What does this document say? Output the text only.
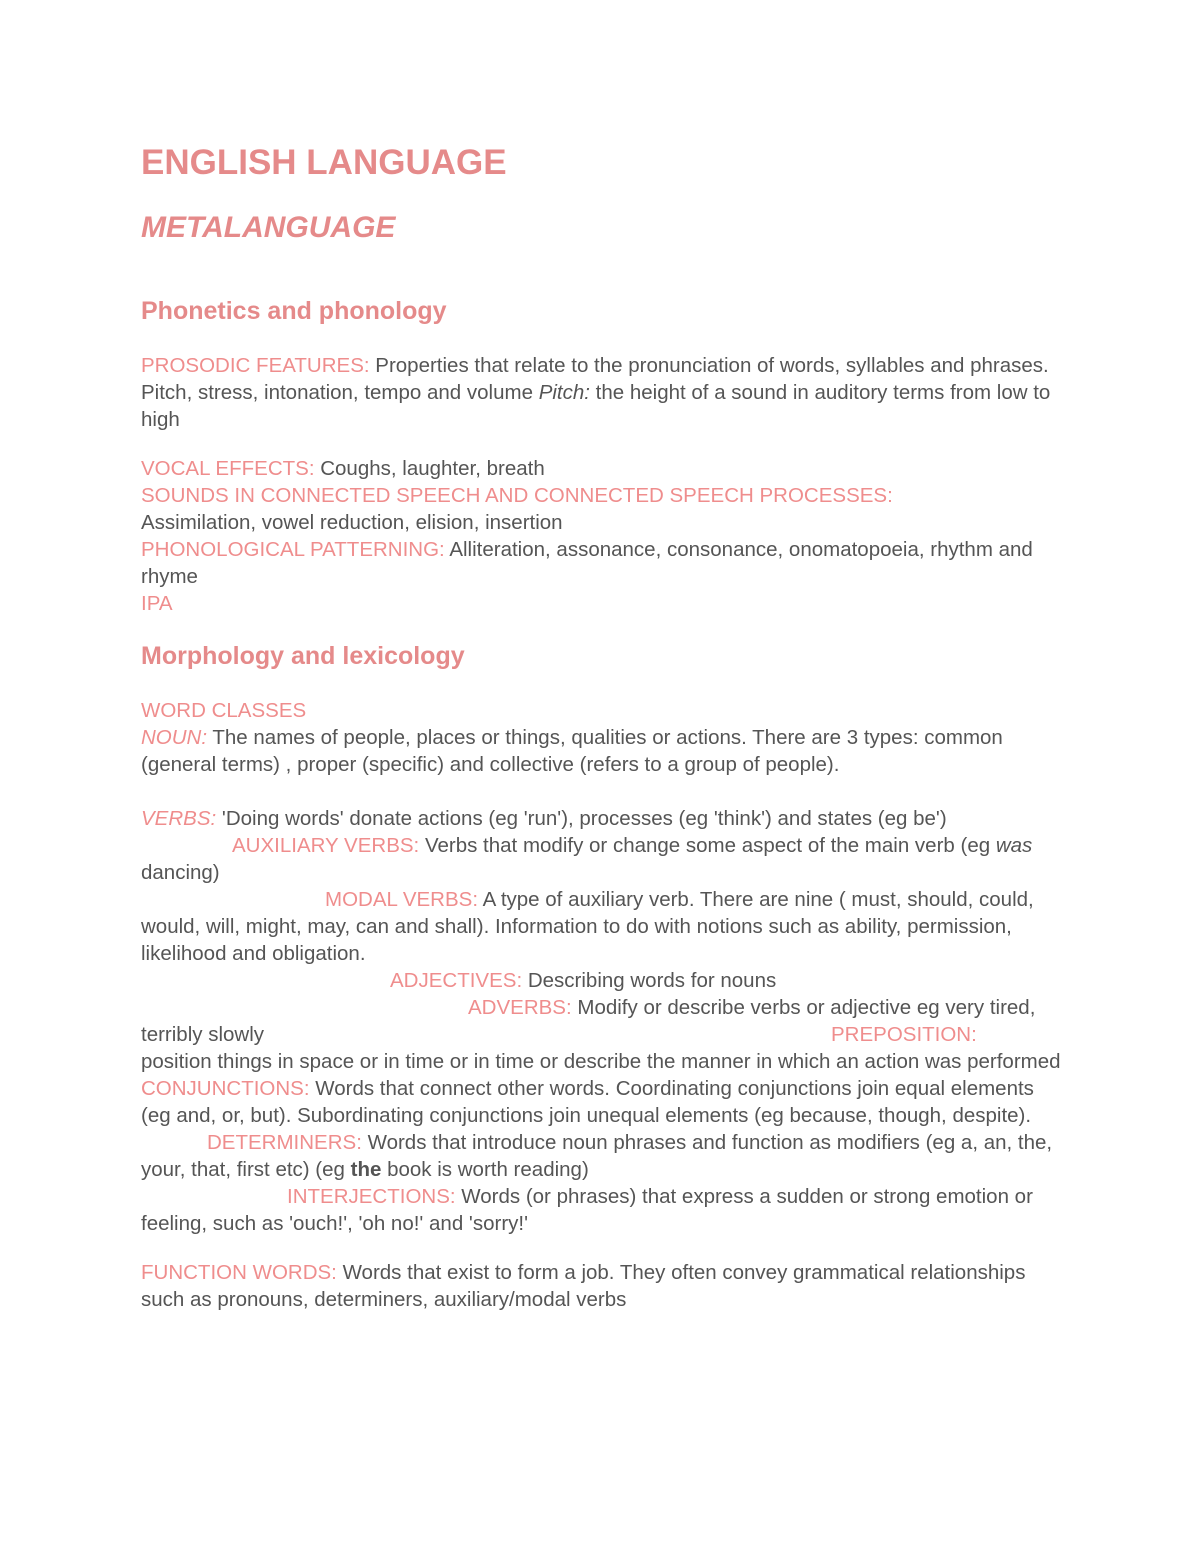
ENGLISH LANGUAGE
METALANGUAGE
Phonetics and phonology

PROSODIC FEATURES: Properties that relate to the pronunciation of words, syllables and phrases. Pitch, stress, intonation, tempo and volume Pitch: the height of a sound in auditory terms from low to high

VOCAL EFFECTS: Coughs, laughter, breath

SOUNDS IN CONNECTED SPEECH AND CONNECTED SPEECH PROCESSES:
Assimilation, vowel reduction, elision, insertion

PHONOLOGICAL PATTERNING: Alliteration, assonance, consonance, onomatopoeia, rhythm and rhyme

IPA

Morphology and lexicology

WORD CLASSES

NOUN: The names of people, places or things, qualities or actions. There are 3 types: common (general terms) , proper (specific) and collective (refers to a group of people).

VERBS: 'Doing words' donate actions (eg 'run'), processes (eg 'think') and states (eg be')

AUXILIARY VERBS: Verbs that modify or change some aspect of the main verb (eg was dancing)

MODAL VERBS: A type of auxiliary verb. There are nine ( must, should, could, would, will, might, may, can and shall). Information to do with notions such as ability, permission, likelihood and obligation.

ADJECTIVES: Describing words for nouns

ADVERBS: Modify or describe verbs or adjective eg very tired, terribly slowly	PREPOSITION:
position things in space or in time or in time or describe the manner in which an action was performed

CONJUNCTIONS: Words that connect other words. Coordinating conjunctions join equal elements (eg and, or, but). Subordinating conjunctions join unequal elements (eg because, though, despite).

DETERMINERS: Words that introduce noun phrases and function as modifiers (eg a, an, the, your, that, first etc) (eg the book is worth reading)

INTERJECTIONS: Words (or phrases) that express a sudden or strong emotion or feeling, such as 'ouch!', 'oh no!' and 'sorry!'

FUNCTION WORDS: Words that exist to form a job. They often convey grammatical relationships such as pronouns, determiners, auxiliary/modal verbs
